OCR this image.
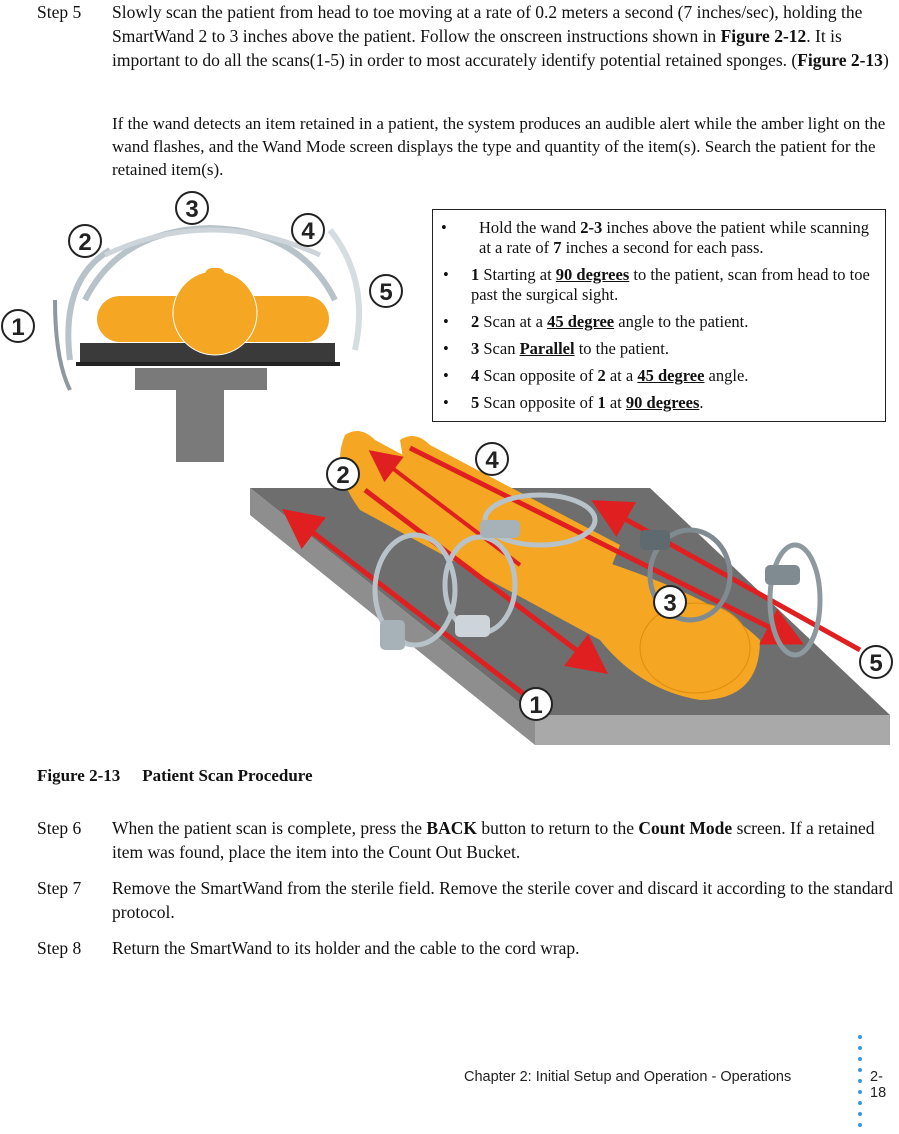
Step 5	Slowly scan the patient from head to toe moving at a rate of 0.2 meters a second (7 inches/sec), holding the SmartWand 2 to 3 inches above the patient. Follow the onscreen instructions shown in Figure 2-12. It is important to do all the scans(1-5) in order to most accurately identify potential retained sponges. (Figure 2-13)
If the wand detects an item retained in a patient, the system produces an audible alert while the amber light on the wand flashes, and the Wand Mode screen displays the type and quantity of the item(s). Search the patient for the retained item(s).
1
2
3
4
5
2
4
3
5
1
• Hold the wand 2-3 inches above the patient while scanning at a rate of 7 inches a second for each pass.
• 1 Starting at 90 degrees to the patient, scan from head to toe past the surgical sight.
• 2 Scan at a 45 degree angle to the patient.
• 3 Scan Parallel to the patient.
• 4 Scan opposite of 2 at a 45 degree angle.
• 5 Scan opposite of 1 at 90 degrees.
Figure 2-13 Patient Scan Procedure
Step 6	When the patient scan is complete, press the BACK button to return to the Count Mode screen. If a retained item was found, place the item into the Count Out Bucket.
Step 7	Remove the SmartWand from the sterile field. Remove the sterile cover and discard it according to the standard protocol.
Step 8	Return the SmartWand to its holder and the cable to the cord wrap.
Chapter 2: Initial Setup and Operation - Operations	2-18
